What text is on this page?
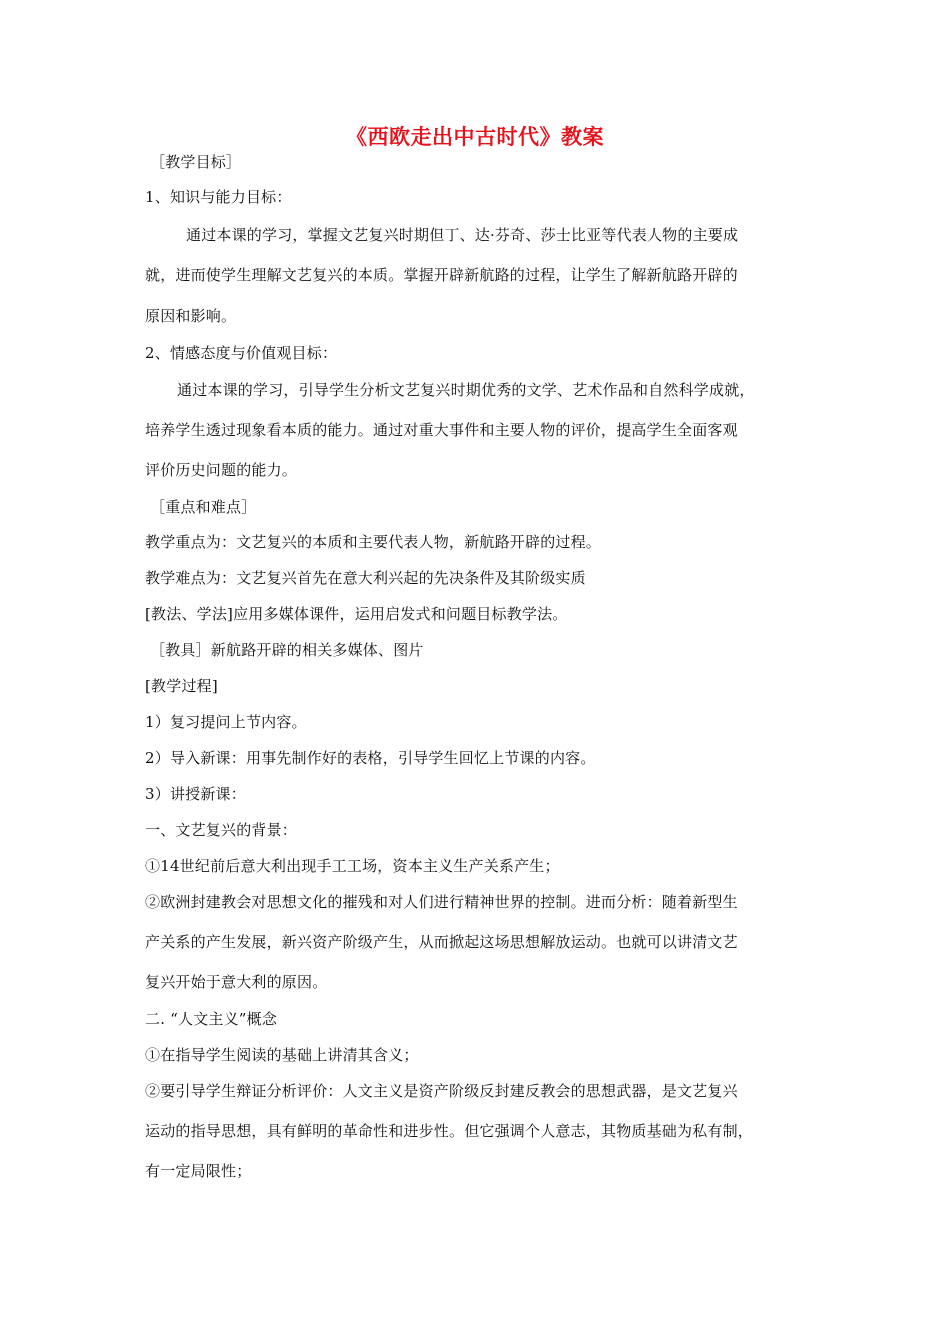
《西欧走出中古时代》教案
［教学目标］
1、知识与能力目标：
通过本课的学习，掌握文艺复兴时期但丁、达·芬奇、莎士比亚等代表人物的主要成
就，进而使学生理解文艺复兴的本质。掌握开辟新航路的过程，让学生了解新航路开辟的
原因和影响。
2、情感态度与价值观目标：
通过本课的学习，引导学生分析文艺复兴时期优秀的文学、艺术作品和自然科学成就，
培养学生透过现象看本质的能力。通过对重大事件和主要人物的评价，提高学生全面客观
评价历史问题的能力。
［重点和难点］
教学重点为：文艺复兴的本质和主要代表人物，新航路开辟的过程。
教学难点为：文艺复兴首先在意大利兴起的先决条件及其阶级实质
[教法、学法]应用多媒体课件，运用启发式和问题目标教学法。
［教具］新航路开辟的相关多媒体、图片
[教学过程]
1）复习提问上节内容。
2）导入新课：用事先制作好的表格，引导学生回忆上节课的内容。
3）讲授新课：
一、文艺复兴的背景：
①14世纪前后意大利出现手工工场，资本主义生产关系产生；
②欧洲封建教会对思想文化的摧残和对人们进行精神世界的控制。进而分析：随着新型生
产关系的产生发展，新兴资产阶级产生，从而掀起这场思想解放运动。也就可以讲清文艺
复兴开始于意大利的原因。
二. “人文主义”概念
①在指导学生阅读的基础上讲清其含义；
②要引导学生辩证分析评价：人文主义是资产阶级反封建反教会的思想武器，是文艺复兴
运动的指导思想，具有鲜明的革命性和进步性。但它强调个人意志，其物质基础为私有制，
有一定局限性；
